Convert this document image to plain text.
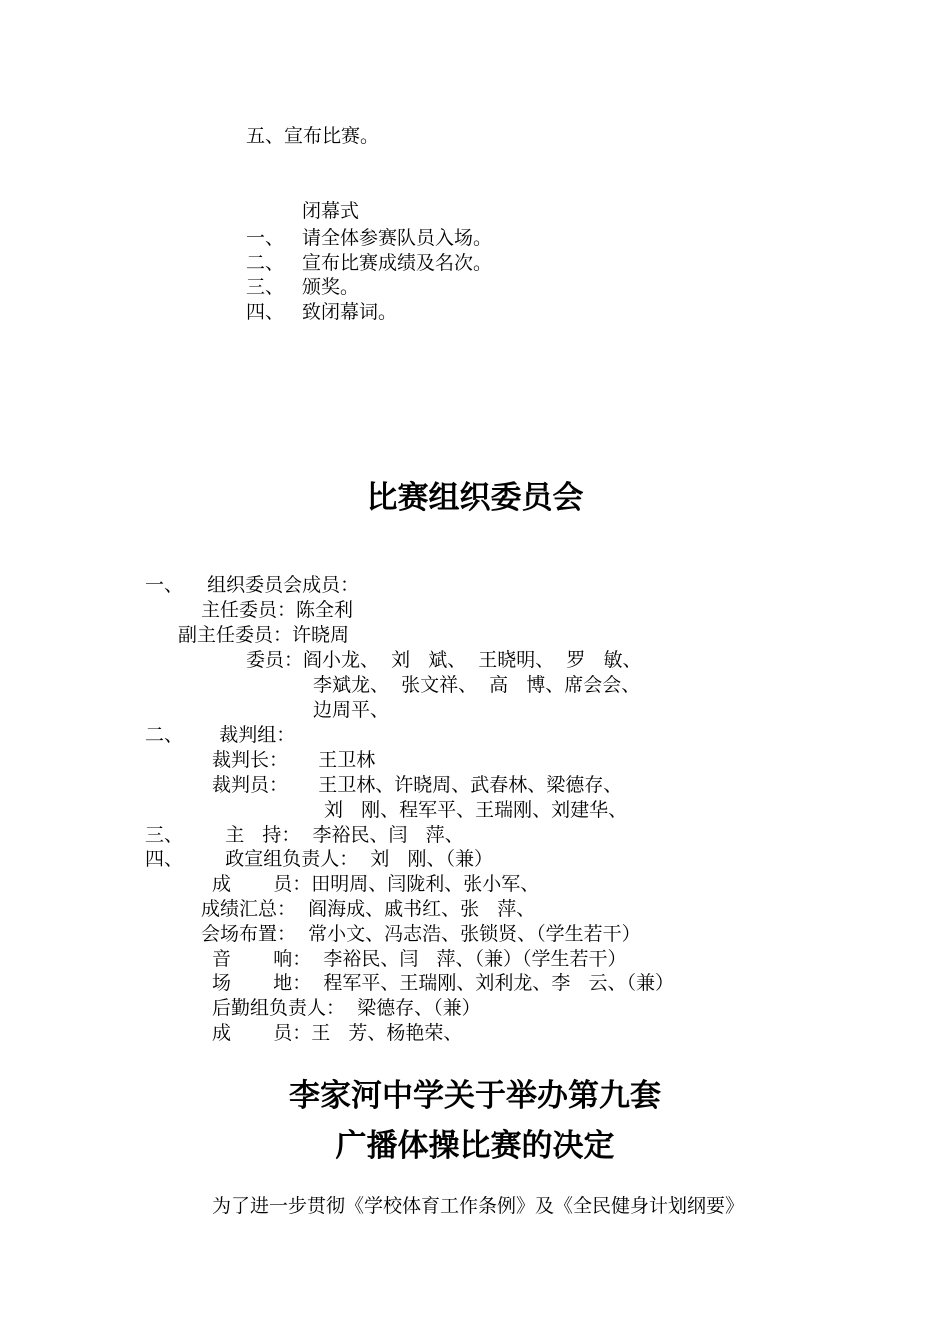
五、宣布比赛。
闭幕式
一、 请全体参赛队员入场。
二、 宣布比赛成绩及名次。
三、 颁奖。
四、 致闭幕词。
比赛组织委员会
一、    组织委员会成员：
主任委员：陈全利
副主任委员：许晓周
委员：阎小龙、  刘   斌、  王晓明、  罗   敏、
李斌龙、  张文祥、  高   博、席会会、
边周平、
二、      裁判组：
裁判长：     王卫林
裁判员：     王卫林、许晓周、武春林、梁德存、
刘   刚、程军平、王瑞刚、刘建华、
三、       主   持：  李裕民、闫   萍、
四、       政宣组负责人：  刘   刚、（兼）
成       员：田明周、闫陇利、张小军、
成绩汇总：  阎海成、戚书红、张   萍、
会场布置：  常小文、冯志浩、张锁贤、（学生若干）
音       响：  李裕民、闫   萍、（兼）（学生若干）
场       地：  程军平、王瑞刚、刘利龙、李   云、（兼）
后勤组负责人：  梁德存、（兼）
成       员：王   芳、杨艳荣、
李家河中学关于举办第九套
广播体操比赛的决定
为了进一步贯彻《学校体育工作条例》及《全民健身计划纲要》
